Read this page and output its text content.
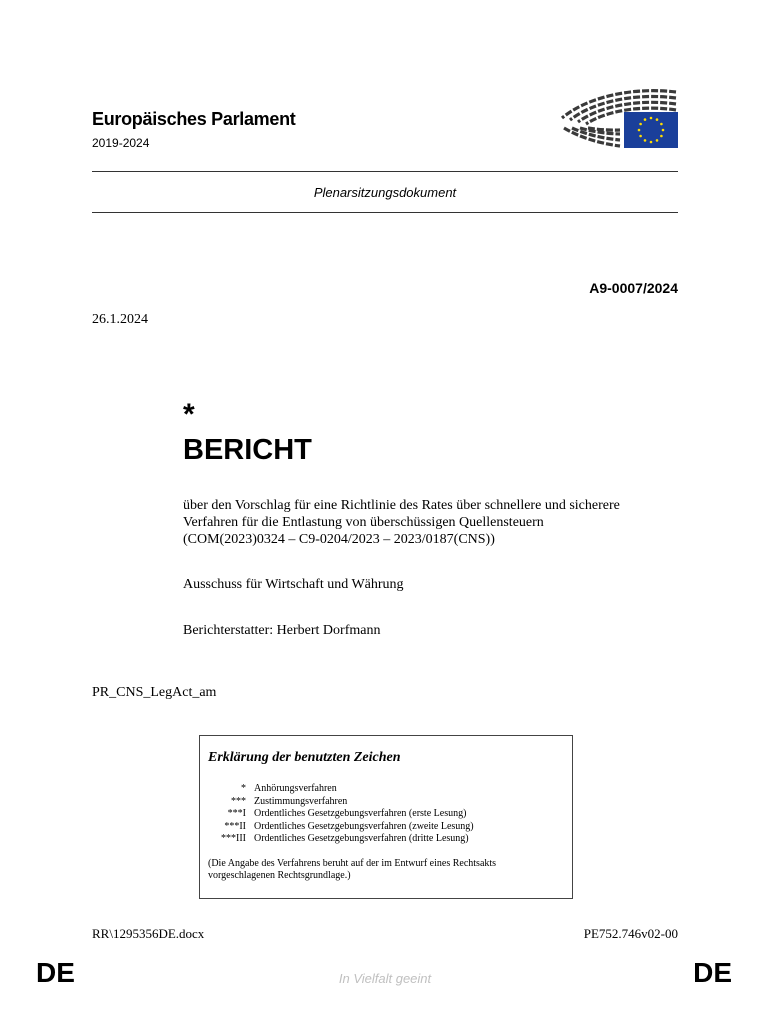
Europäisches Parlament
2019-2024
Plenarsitzungsdokument
A9-0007/2024
26.1.2024
*
BERICHT
über den Vorschlag für eine Richtlinie des Rates über schnellere und sicherere
Verfahren für die Entlastung von überschüssigen Quellensteuern
(COM(2023)0324 – C9-0204/2023 – 2023/0187(CNS))
Ausschuss für Wirtschaft und Währung
Berichterstatter: Herbert Dorfmann
PR_CNS_LegAct_am
Erklärung der benutzten Zeichen
* Anhörungsverfahren
*** Zustimmungsverfahren
***I Ordentliches Gesetzgebungsverfahren (erste Lesung)
***II Ordentliches Gesetzgebungsverfahren (zweite Lesung)
***III Ordentliches Gesetzgebungsverfahren (dritte Lesung)
(Die Angabe des Verfahrens beruht auf der im Entwurf eines Rechtsakts
vorgeschlagenen Rechtsgrundlage.)
RR\1295356DE.docx	PE752.746v02-00
DE	In Vielfalt geeint	DE
